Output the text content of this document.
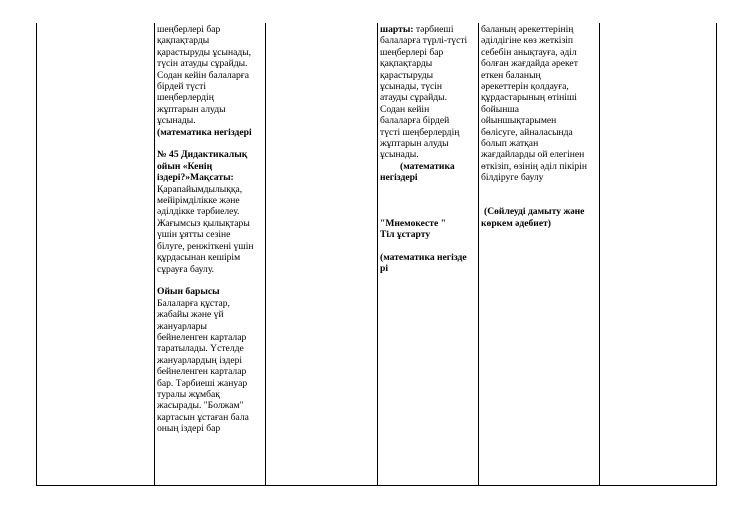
шеңберлері бар

қақпақтарды

қарастыруды ұсынады,

түсін атауды сұрайды.

Содан кейін балаларға

бірдей түсті

шеңберлердің

жұптарын алуды

ұсынады.

(математика негіздері

№ 45 Дидактикалық

ойын «Кенің

іздері?»Мақсаты:

Қарапайымдылыққа,

мейірімділікке және

әділдікке тәрбиелеу.

Жағымсыз қылықтары

үшін ұятты сезіне

білуге, ренжіткені үшін

құрдасынан кешірім

сұрауға баулу.

Ойын барысы

Балаларға құстар,

жабайы және үй

жануарлары

бейнеленген карталар

таратылады. Үстелде

жануарлардың іздері

бейнеленген карталар

бар. Тәрбиеші жануар

туралы жұмбақ

жасырады. "Болжам"

картасын ұстаған бала

оның іздері бар

шарты: тәрбиеші

балаларға түрлі-түсті

шеңберлері бар

қақпақтарды

қарастыруды

ұсынады, түсін

атауды сұрайды.

Содан кейін

балаларға бірдей

түсті шеңберлердің

жұптарын алуды

ұсынады.

(математика

негіздері

"Мнемокесте "

Тіл ұстарту

(математика негізде

рі

баланың әрекеттерінің

әділдігіне көз жеткізіп

себебін анықтауға, әділ

болған жағдайда әрекет

еткен баланың

әрекеттерін қолдауға,

құрдастарының өтініші

бойынша

ойыншықтарымен

бөлісуге, айналасында

болып жатқан

жағдайларды ой елегінен

өткізіп, өзінің әділ пікірін

білдіруге баулу

(Сөйлеуді дамыту және

көркем әдебиет)
